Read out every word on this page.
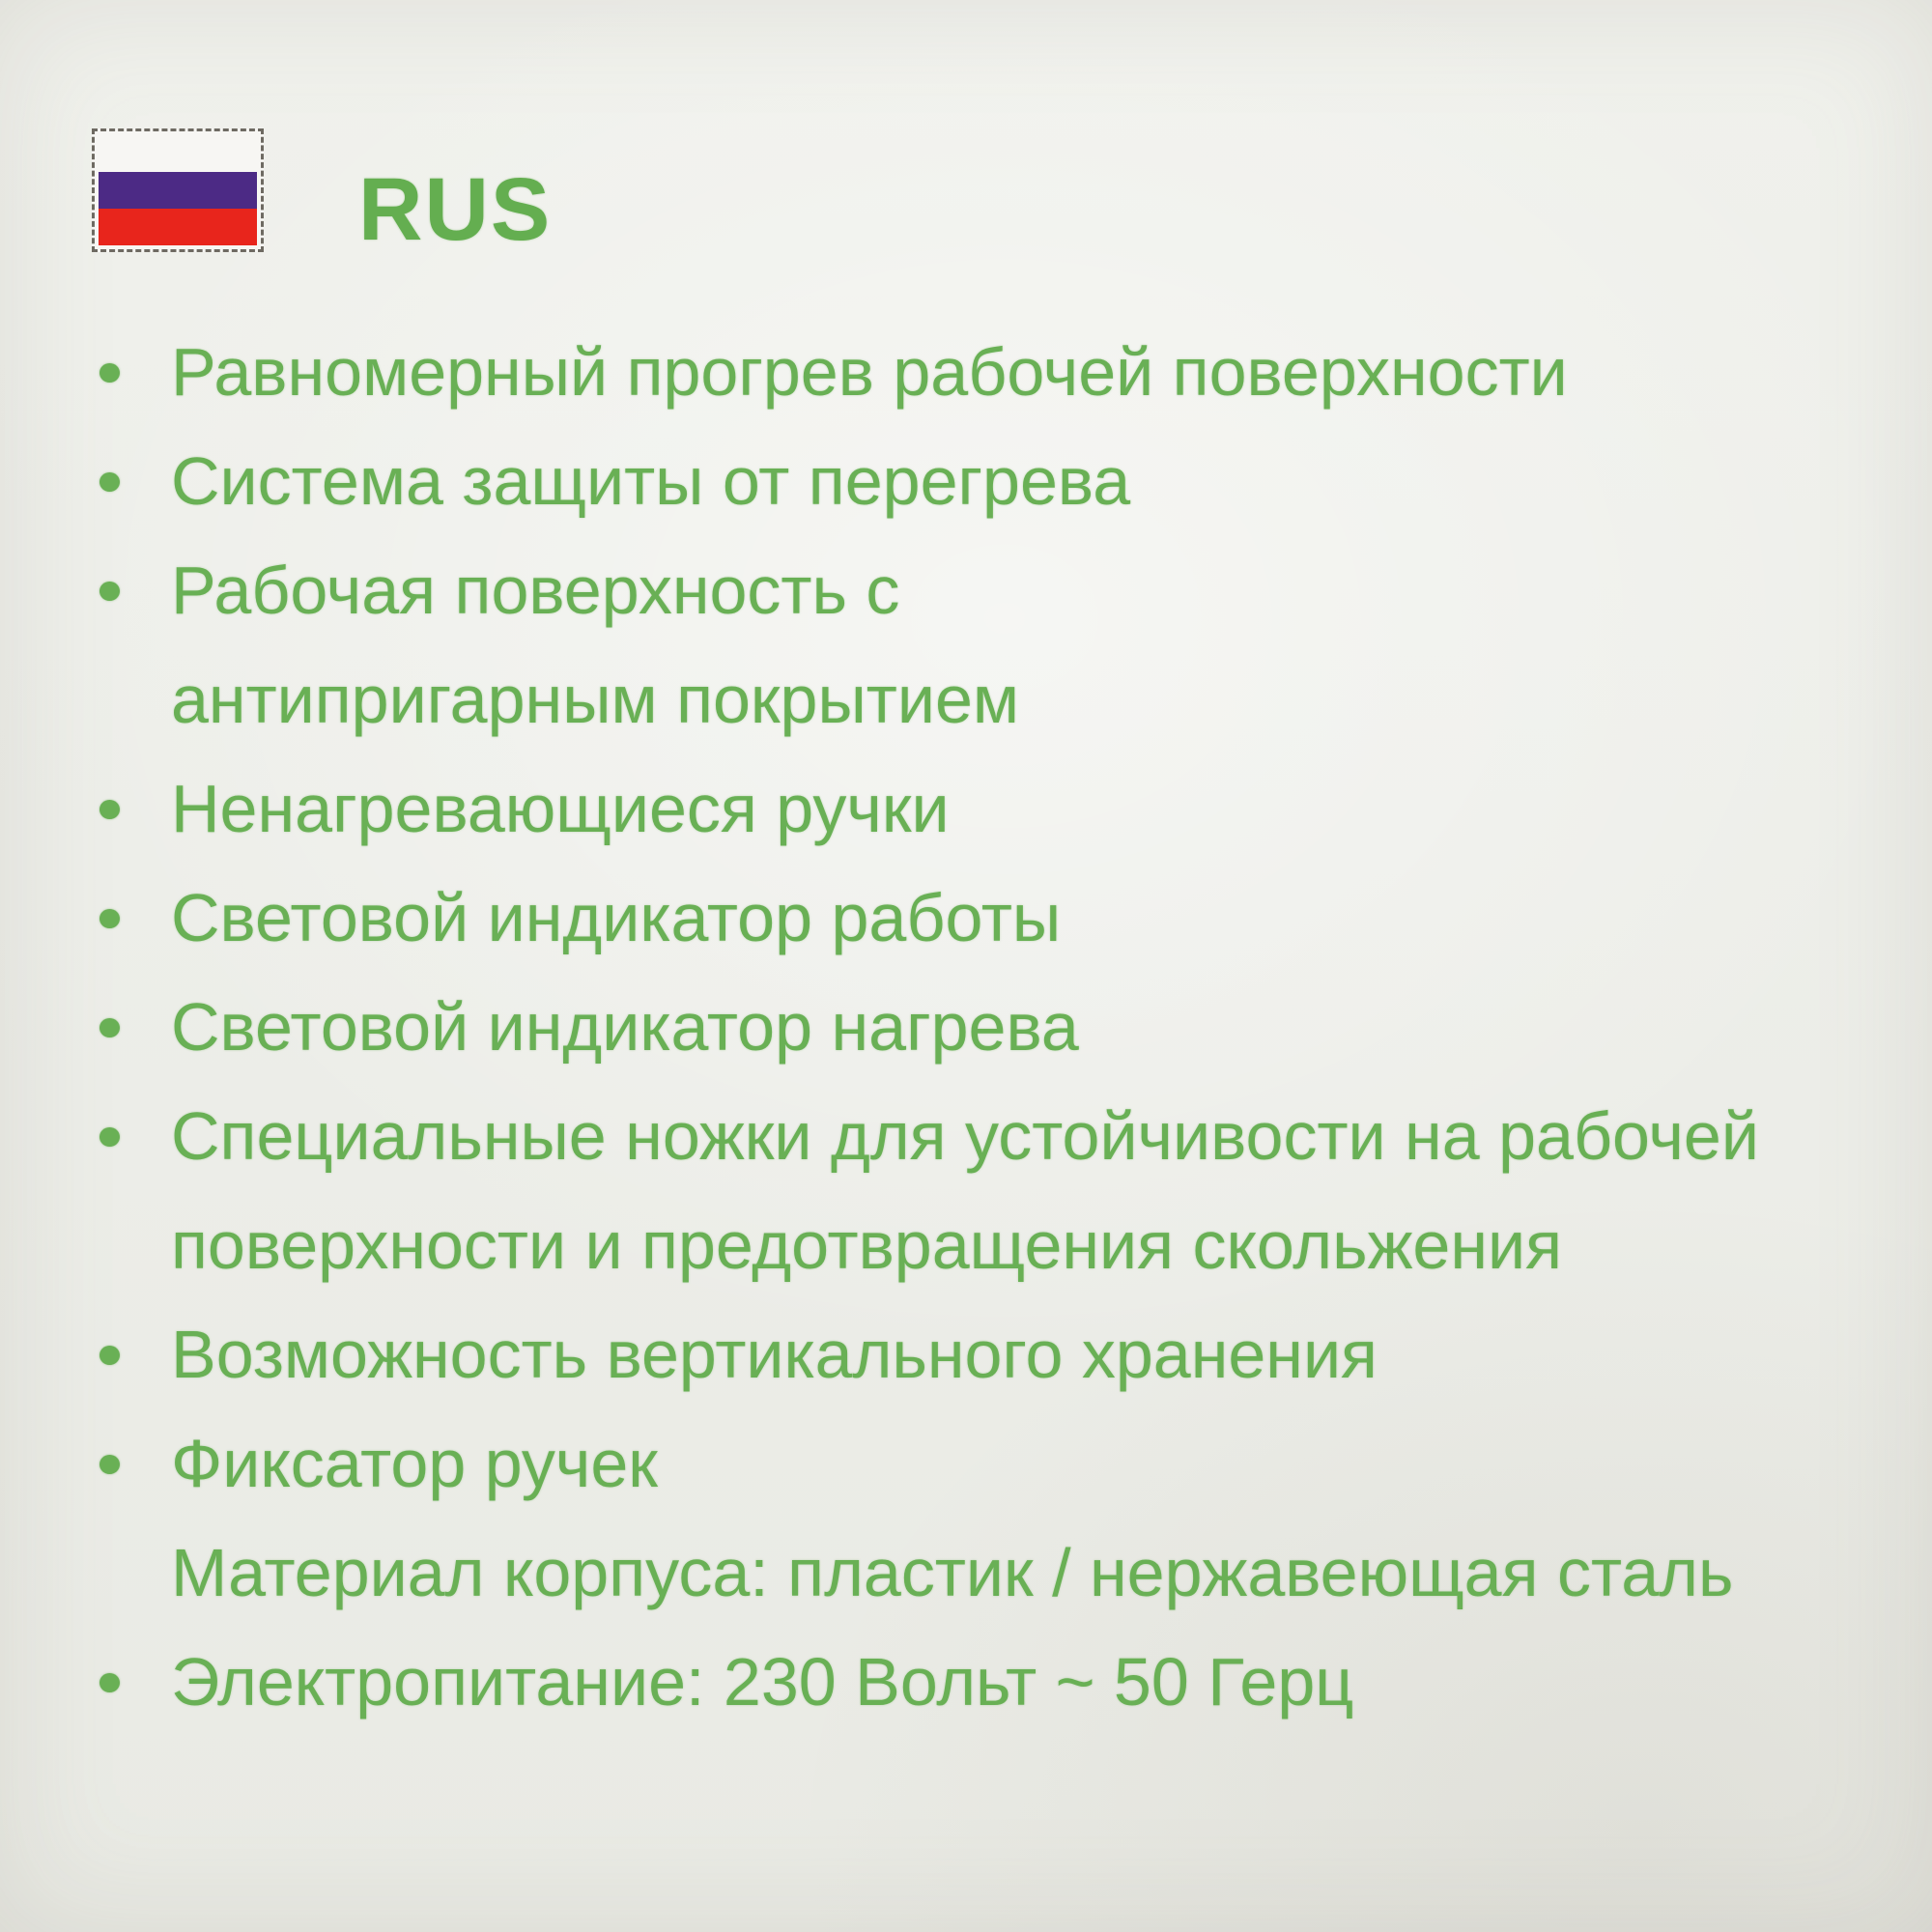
RUS
Равномерный прогрев рабочей поверхности
Система защиты от перегрева
Рабочая поверхность с
антипригарным покрытием
Ненагревающиеся ручки
Световой индикатор работы
Световой индикатор нагрева
Специальные ножки для устойчивости на рабочей
поверхности и предотвращения скольжения
Возможность вертикального хранения
Фиксатор ручек
Материал корпуса: пластик / нержавеющая сталь
Электропитание: 230 Вольт ~ 50 Герц
